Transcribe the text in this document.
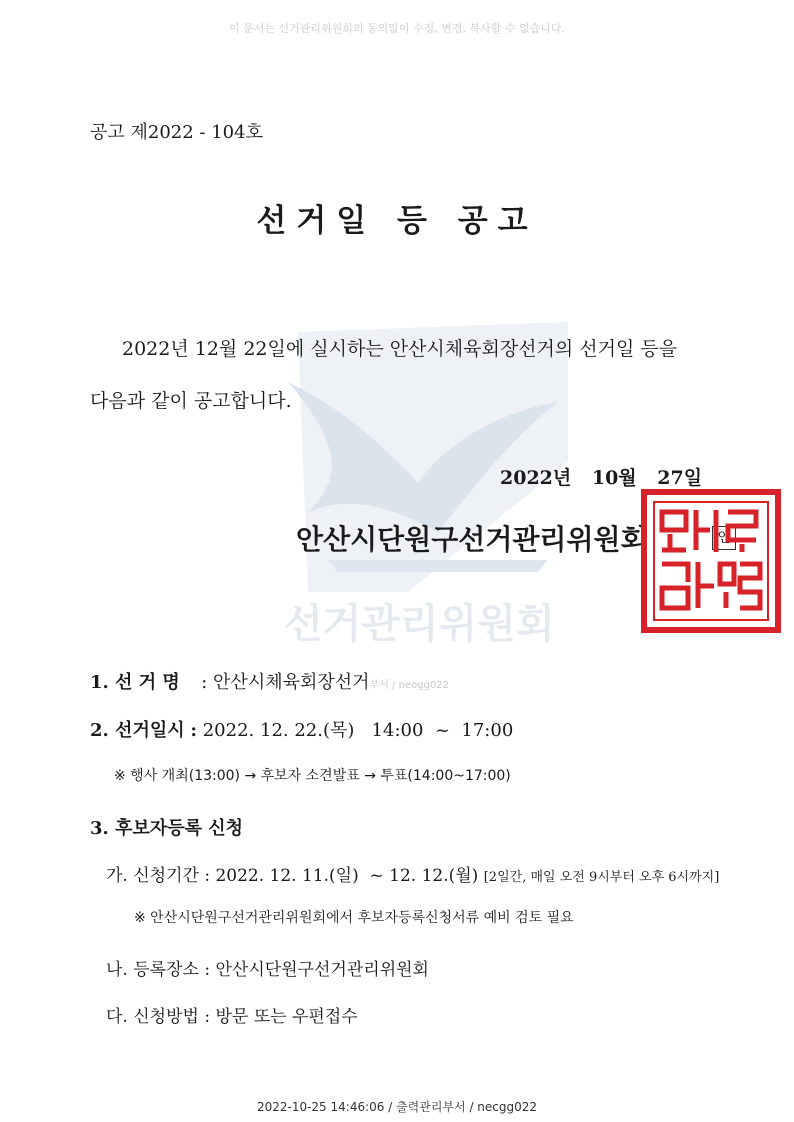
이 문서는 선거관리위원회의 동의없이 수정, 변경, 복사할 수 없습니다.
공고 제2022 - 104호
선거일 등 공고
선거관리위원회
2022년 12월 22일에 실시하는 안산시체육회장선거의 선거일 등을
다음과 같이 공고합니다.
2022년 10월 27일
안산시단원구선거관리위원회	인
1. 선 거 명 : 안산시체육회장선거부서 / neogg022
2. 선거일시 : 2022. 12. 22.(목)   14:00  ~  17:00
※ 행사 개최(13:00) → 후보자 소견발표 → 투표(14:00~17:00)
3. 후보자등록 신청
가. 신청기간 : 2022. 12. 11.(일)  ~ 12. 12.(월) [2일간, 매일 오전 9시부터 오후 6시까지]
※ 안산시단원구선거관리위원회에서 후보자등록신청서류 예비 검토 필요
나. 등록장소 : 안산시단원구선거관리위원회
다. 신청방법 : 방문 또는 우편접수
2022-10-25 14:46:06 / 출력관리부서 / necgg022
